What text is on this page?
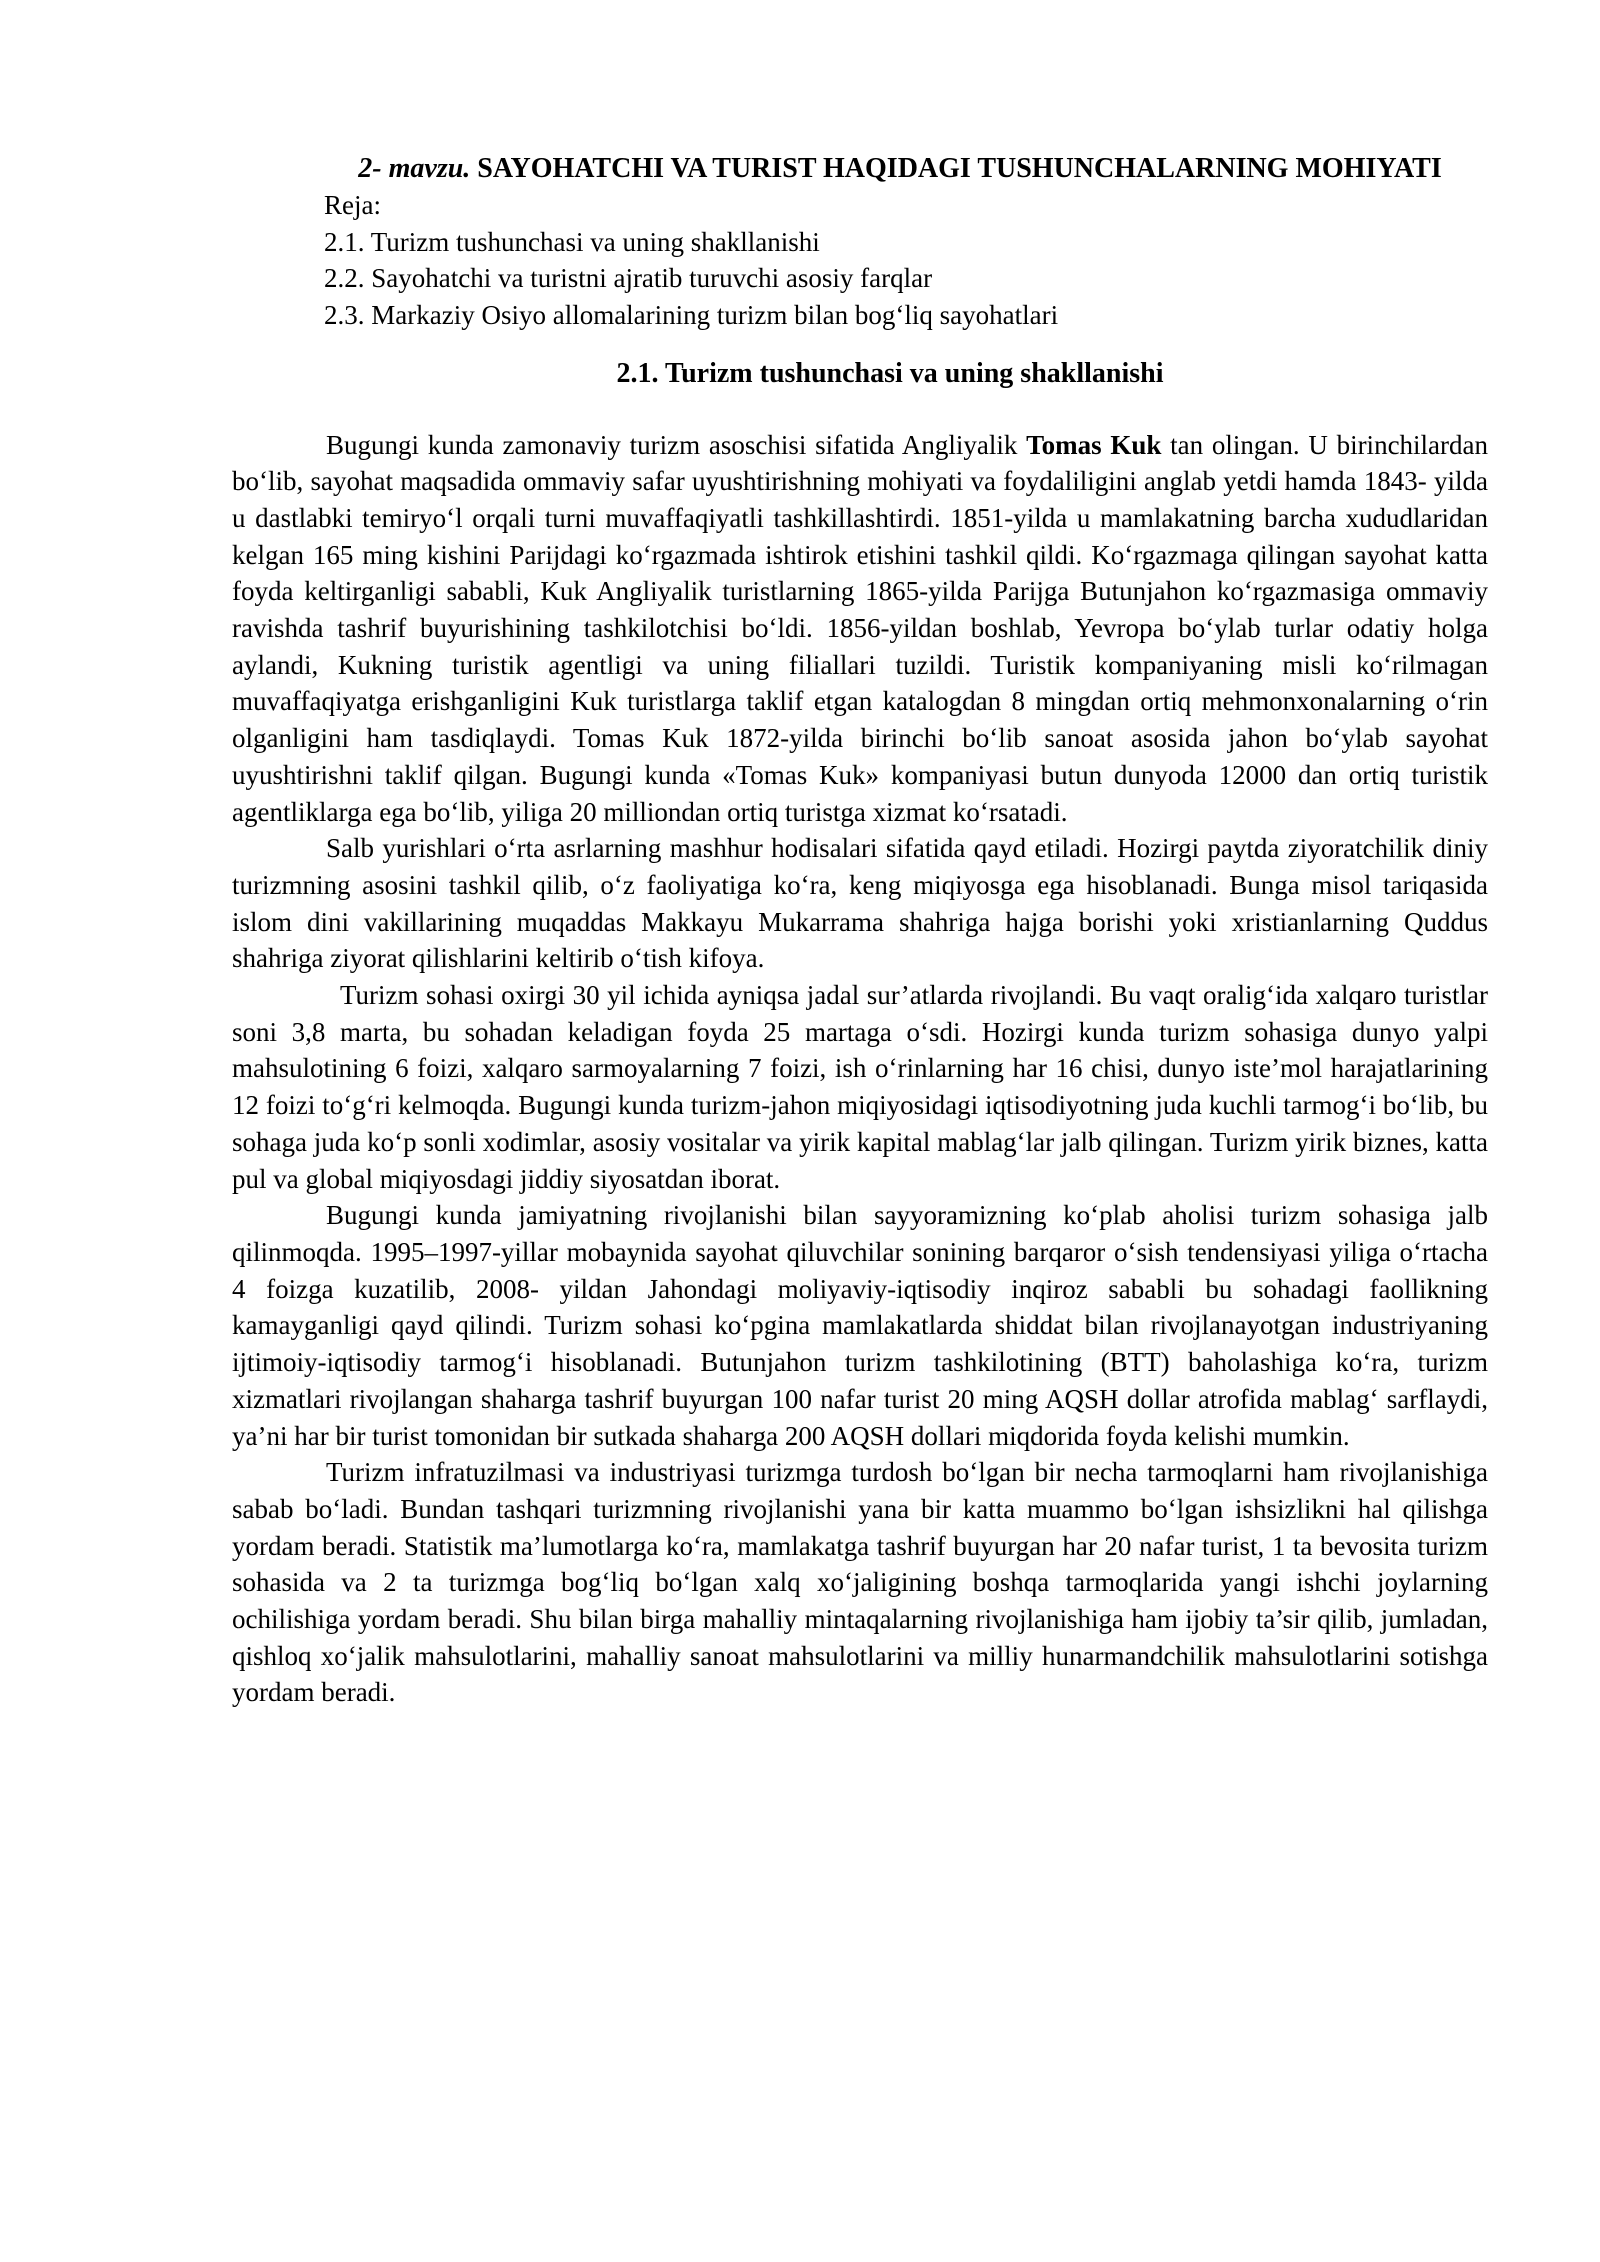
2- mavzu. SAYOHATCHI VA TURIST HAQIDAGI TUSHUNCHALARNING MOHIYATI

Reja:
2.1. Turizm tushunchasi va uning shakllanishi
2.2. Sayohatchi va turistni ajratib turuvchi asosiy farqlar
2.3. Markaziy Osiyo allomalarining turizm bilan bog‘liq sayohatlari

2.1. Turizm tushunchasi va uning shakllanishi

Bugungi kunda zamonaviy turizm asoschisi sifatida Angliyalik Tomas Kuk tan olingan. U birinchilardan bo‘lib, sayohat maqsadida ommaviy safar uyushtirishning mohiyati va foydaliligini anglab yetdi hamda 1843- yilda u dastlabki temiryo‘l orqali turni muvaffaqiyatli tashkillashtirdi. 1851-yilda u mamlakatning barcha xududlaridan kelgan 165 ming kishini Parijdagi ko‘rgazmada ishtirok etishini tashkil qildi. Ko‘rgazmaga qilingan sayohat katta foyda keltirganligi sababli, Kuk Angliyalik turistlarning 1865-yilda Parijga Butunjahon ko‘rgazmasiga ommaviy ravishda tashrif buyurishining tashkilotchisi bo‘ldi. 1856-yildan boshlab, Yevropa bo‘ylab turlar odatiy holga aylandi, Kukning turistik agentligi va uning filiallari tuzildi. Turistik kompaniyaning misli ko‘rilmagan muvaffaqiyatga erishganligini Kuk turistlarga taklif etgan katalogdan 8 mingdan ortiq mehmonxonalarning o‘rin olganligini ham tasdiqlaydi. Tomas Kuk 1872-yilda birinchi bo‘lib sanoat asosida jahon bo‘ylab sayohat uyushtirishni taklif qilgan. Bugungi kunda «Tomas Kuk» kompaniyasi butun dunyoda 12000 dan ortiq turistik agentliklarga ega bo‘lib, yiliga 20 milliondan ortiq turistga xizmat ko‘rsatadi.

Salb yurishlari o‘rta asrlarning mashhur hodisalari sifatida qayd etiladi. Hozirgi paytda ziyoratchilik diniy turizmning asosini tashkil qilib, o‘z faoliyatiga ko‘ra, keng miqiyosga ega hisoblanadi. Bunga misol tariqasida islom dini vakillarining muqaddas Makkayu Mukarrama shahriga hajga borishi yoki xristianlarning Quddus shahriga ziyorat qilishlarini keltirib o‘tish kifoya.

Turizm sohasi oxirgi 30 yil ichida ayniqsa jadal sur’atlarda rivojlandi. Bu vaqt oralig‘ida xalqaro turistlar soni 3,8 marta, bu sohadan keladigan foyda 25 martaga o‘sdi. Hozirgi kunda turizm sohasiga dunyo yalpi mahsulotining 6 foizi, xalqaro sarmoyalarning 7 foizi, ish o‘rinlarning har 16 chisi, dunyo iste’mol harajatlarining 12 foizi to‘g‘ri kelmoqda. Bugungi kunda turizm-jahon miqiyosidagi iqtisodiyotning juda kuchli tarmog‘i bo‘lib, bu sohaga juda ko‘p sonli xodimlar, asosiy vositalar va yirik kapital mablag‘lar jalb qilingan. Turizm yirik biznes, katta pul va global miqiyosdagi jiddiy siyosatdan iborat.

Bugungi kunda jamiyatning rivojlanishi bilan sayyoramizning ko‘plab aholisi turizm sohasiga jalb qilinmoqda. 1995–1997-yillar mobaynida sayohat qiluvchilar sonining barqaror o‘sish tendensiyasi yiliga o‘rtacha 4 foizga kuzatilib, 2008- yildan Jahondagi moliyaviy-iqtisodiy inqiroz sababli bu sohadagi faollikning kamayganligi qayd qilindi. Turizm sohasi ko‘pgina mamlakatlarda shiddat bilan rivojlanayotgan industriyaning ijtimoiy-iqtisodiy tarmog‘i hisoblanadi. Butunjahon turizm tashkilotining (BTT) baholashiga ko‘ra, turizm xizmatlari rivojlangan shaharga tashrif buyurgan 100 nafar turist 20 ming AQSH dollar atrofida mablag‘ sarflaydi, ya’ni har bir turist tomonidan bir sutkada shaharga 200 AQSH dollari miqdorida foyda kelishi mumkin.

Turizm infratuzilmasi va industriyasi turizmga turdosh bo‘lgan bir necha tarmoqlarni ham rivojlanishiga sabab bo‘ladi. Bundan tashqari turizmning rivojlanishi yana bir katta muammo bo‘lgan ishsizlikni hal qilishga yordam beradi. Statistik ma’lumotlarga ko‘ra, mamlakatga tashrif buyurgan har 20 nafar turist, 1 ta bevosita turizm sohasida va 2 ta turizmga bog‘liq bo‘lgan xalq xo‘jaligining boshqa tarmoqlarida yangi ishchi joylarning ochilishiga yordam beradi. Shu bilan birga mahalliy mintaqalarning rivojlanishiga ham ijobiy ta’sir qilib, jumladan, qishloq xo‘jalik mahsulotlarini, mahalliy sanoat mahsulotlarini va milliy hunarmandchilik mahsulotlarini sotishga yordam beradi.
